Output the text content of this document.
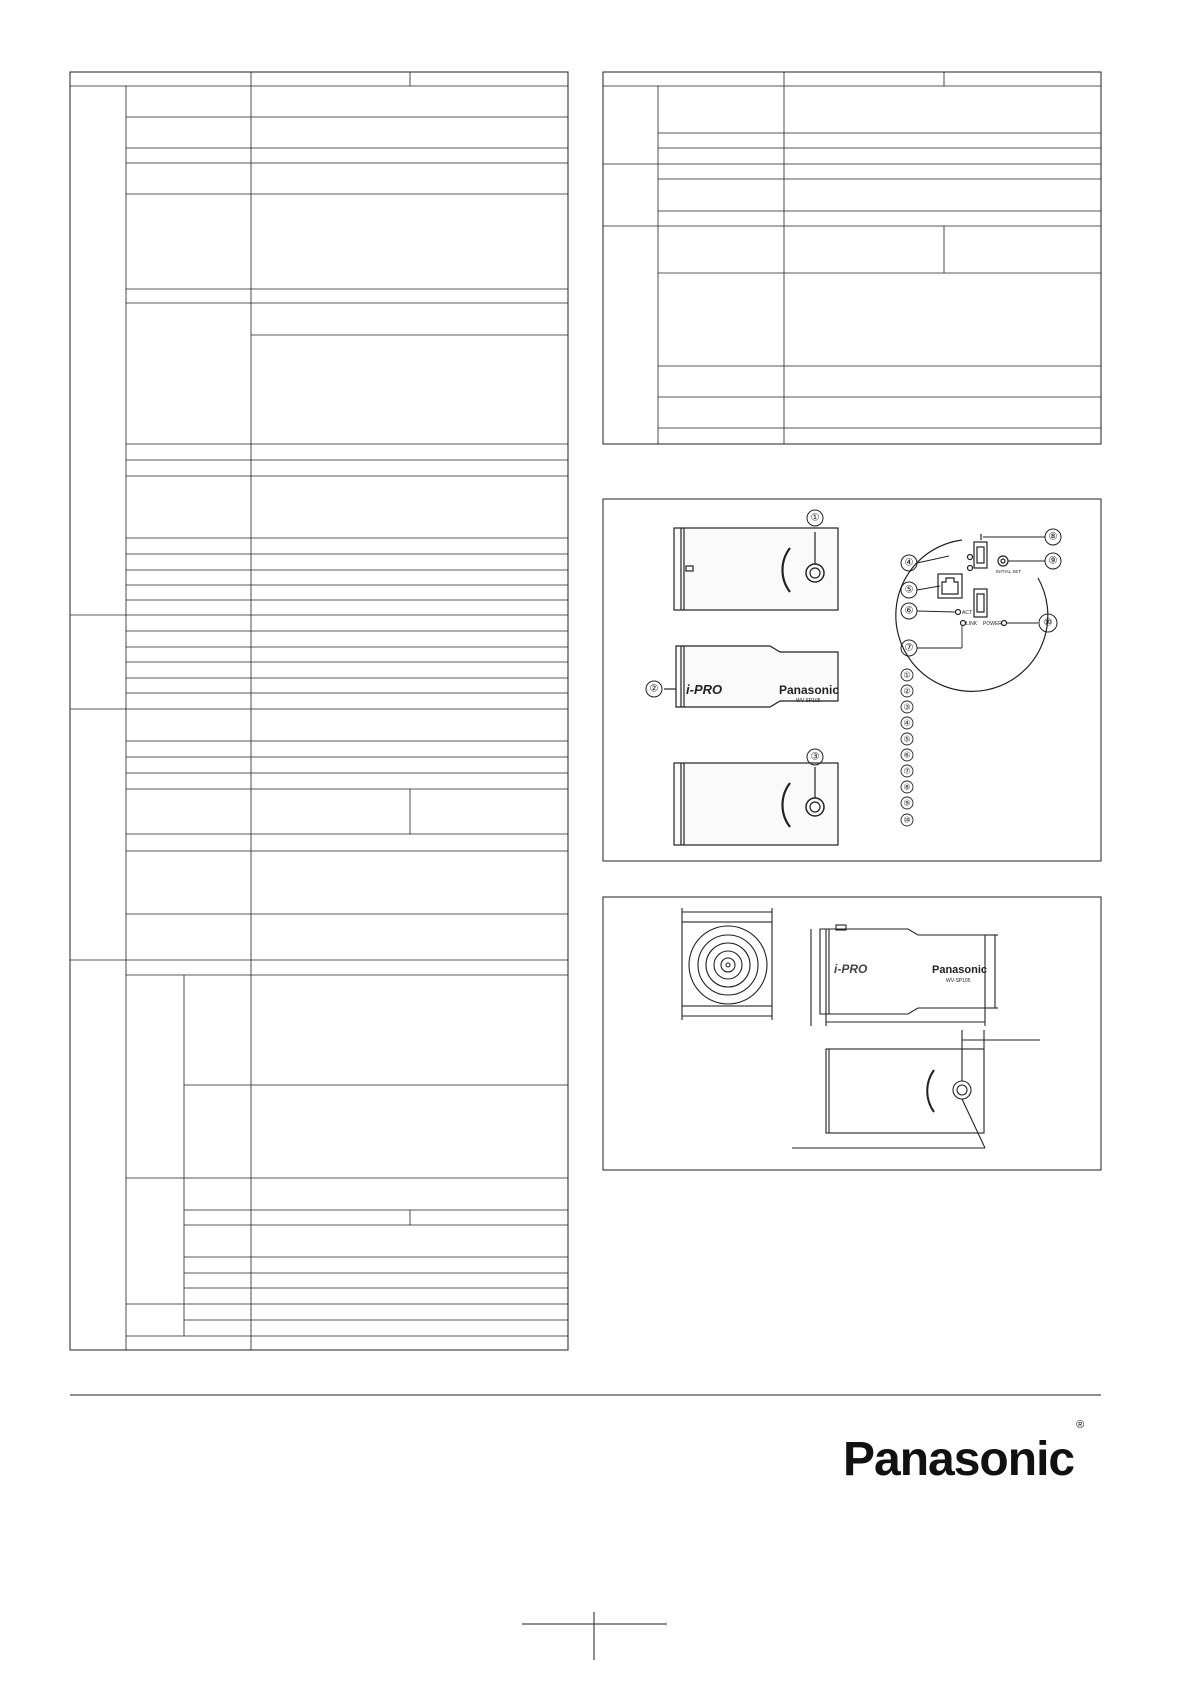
i-PRO	Panasonic
WV-SP105
ACT
LINK POWER
INITIAL SET
①
②
③
④
⑤
⑥
⑦
⑧
⑨
⑩
①
②
③
④
⑤
⑥
⑦
⑧
⑨
⑩
i-PRO	Panasonic
WV-SP105
Panasonic®
